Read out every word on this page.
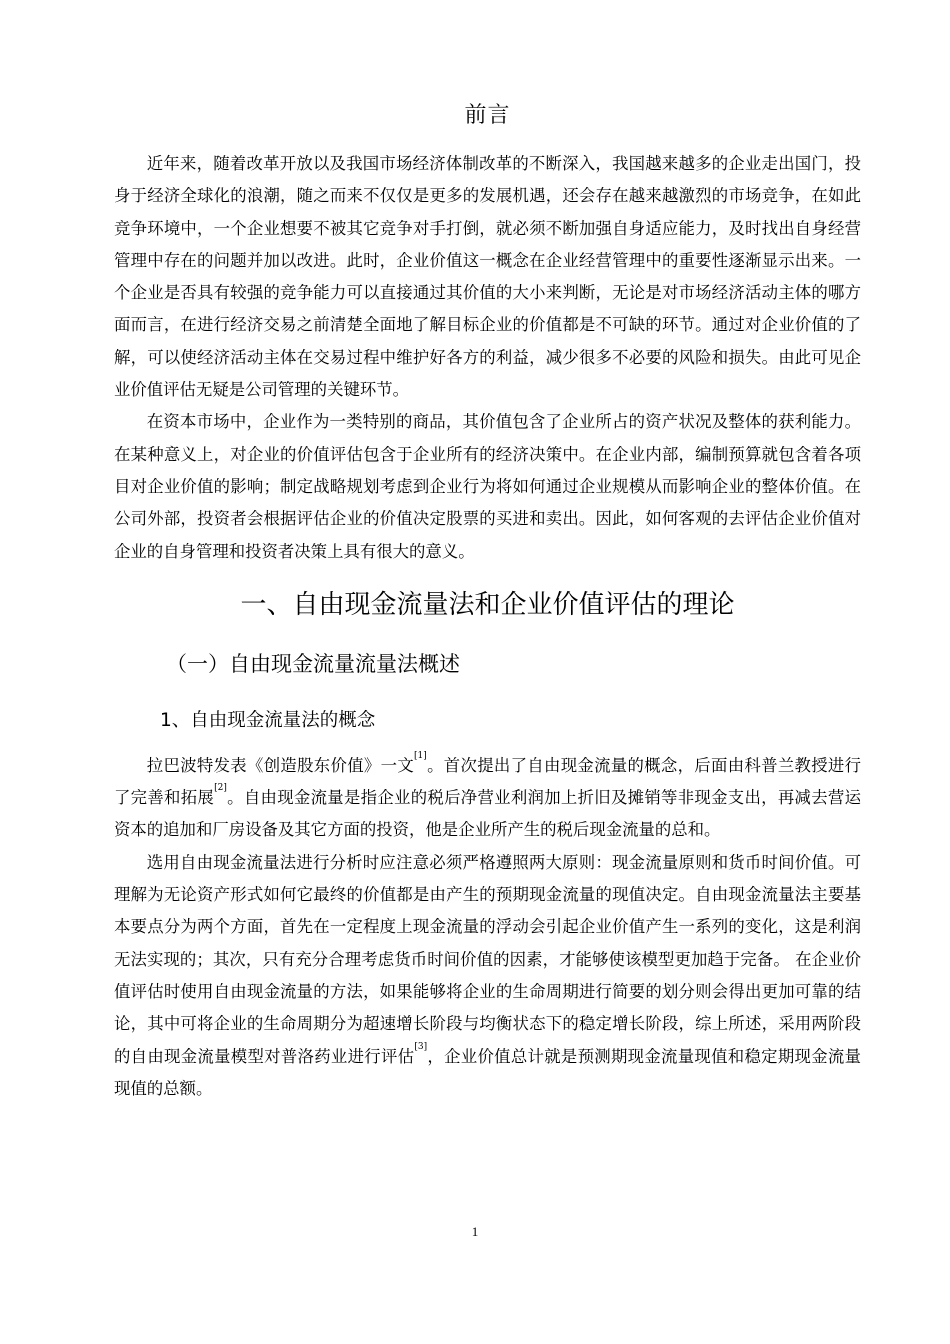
前言

近年来，随着改革开放以及我国市场经济体制改革的不断深入，我国越来越多的企业走出国门，投身于经济全球化的浪潮，随之而来不仅仅是更多的发展机遇，还会存在越来越激烈的市场竞争，在如此竞争环境中，一个企业想要不被其它竞争对手打倒，就必须不断加强自身适应能力，及时找出自身经营管理中存在的问题并加以改进。此时，企业价值这一概念在企业经营管理中的重要性逐渐显示出来。一个企业是否具有较强的竞争能力可以直接通过其价值的大小来判断，无论是对市场经济活动主体的哪方面而言，在进行经济交易之前清楚全面地了解目标企业的价值都是不可缺的环节。通过对企业价值的了解，可以使经济活动主体在交易过程中维护好各方的利益，减少很多不必要的风险和损失。由此可见企业价值评估无疑是公司管理的关键环节。

在资本市场中，企业作为一类特别的商品，其价值包含了企业所占的资产状况及整体的获利能力。在某种意义上，对企业的价值评估包含于企业所有的经济决策中。在企业内部，编制预算就包含着各项目对企业价值的影响；制定战略规划考虑到企业行为将如何通过企业规模从而影响企业的整体价值。在公司外部，投资者会根据评估企业的价值决定股票的买进和卖出。因此，如何客观的去评估企业价值对企业的自身管理和投资者决策上具有很大的意义。

一、自由现金流量法和企业价值评估的理论
（一）自由现金流量流量法概述
1、自由现金流量法的概念

拉巴波特发表《创造股东价值》一文[1]。首次提出了自由现金流量的概念，后面由科普兰教授进行了完善和拓展[2]。自由现金流量是指企业的税后净营业利润加上折旧及摊销等非现金支出，再减去营运资本的追加和厂房设备及其它方面的投资，他是企业所产生的税后现金流量的总和。

选用自由现金流量法进行分析时应注意必须严格遵照两大原则：现金流量原则和货币时间价值。可理解为无论资产形式如何它最终的价值都是由产生的预期现金流量的现值决定。自由现金流量法主要基本要点分为两个方面，首先在一定程度上现金流量的浮动会引起企业价值产生一系列的变化，这是利润无法实现的；其次，只有充分合理考虑货币时间价值的因素，才能够使该模型更加趋于完备。 在企业价值评估时使用自由现金流量的方法，如果能够将企业的生命周期进行简要的划分则会得出更加可靠的结论，其中可将企业的生命周期分为超速增长阶段与均衡状态下的稳定增长阶段，综上所述，采用两阶段的自由现金流量模型对普洛药业进行评估[3]，企业价值总计就是预测期现金流量现值和稳定期现金流量现值的总额。

1
